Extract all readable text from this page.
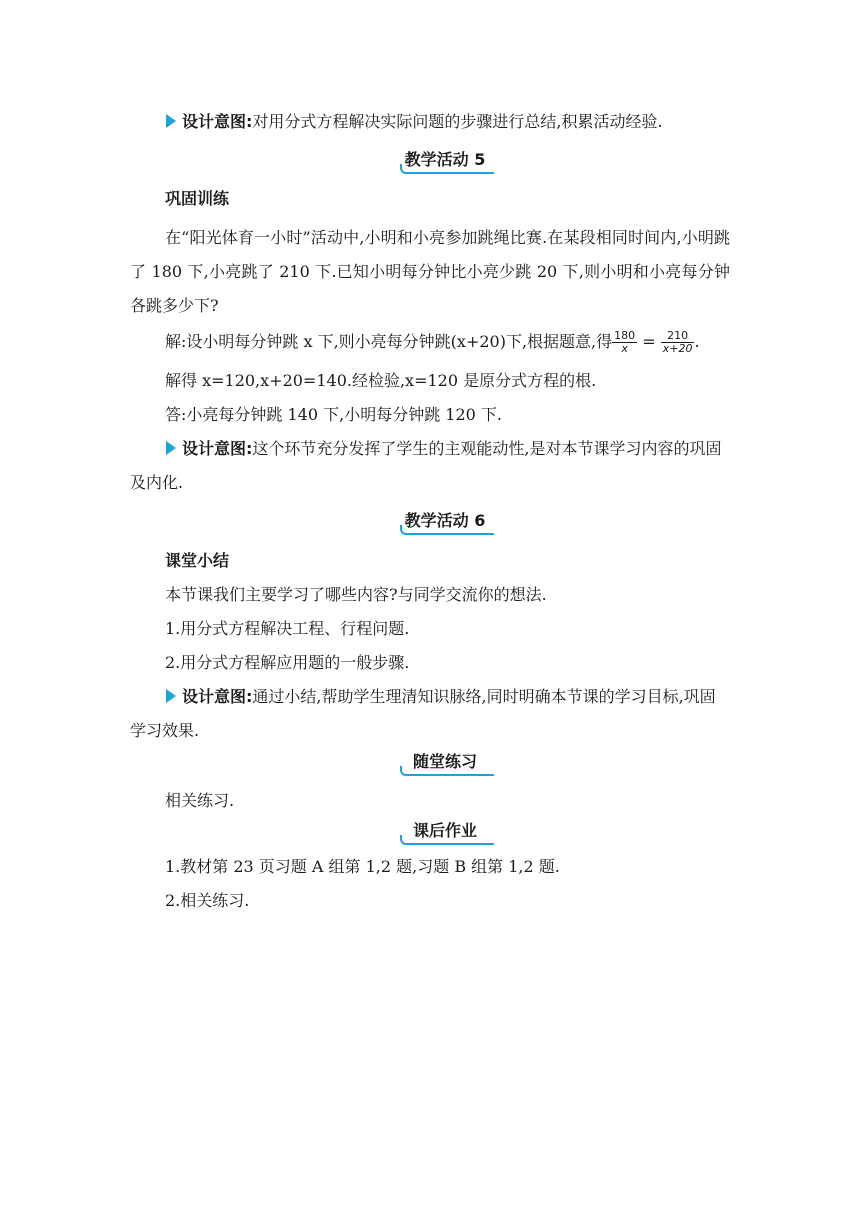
设计意图:对用分式方程解决实际问题的步骤进行总结,积累活动经验.
教学活动 5
巩固训练
在“阳光体育一小时”活动中,小明和小亮参加跳绳比赛.在某段相同时间内,小明跳了 180 下,小亮跳了 210 下.已知小明每分钟比小亮少跳 20 下,则小明和小亮每分钟各跳多少下?
解:设小明每分钟跳 x 下,则小亮每分钟跳(x+20)下,根据题意,得 $\frac{180}{x} = \frac{210}{x+20}$ .
解得 x=120,x+20=140.经检验,x=120 是原分式方程的根.
答:小亮每分钟跳 140 下,小明每分钟跳 120 下.
设计意图:这个环节充分发挥了学生的主观能动性,是对本节课学习内容的巩固及内化.
教学活动 6
课堂小结
本节课我们主要学习了哪些内容?与同学交流你的想法.
1.用分式方程解决工程、行程问题.
2.用分式方程解应用题的一般步骤.
设计意图:通过小结,帮助学生理清知识脉络,同时明确本节课的学习目标,巩固学习效果.
随堂练习
相关练习.
课后作业
1.教材第 23 页习题 A 组第 1,2 题,习题 B 组第 1,2 题.
2.相关练习.
